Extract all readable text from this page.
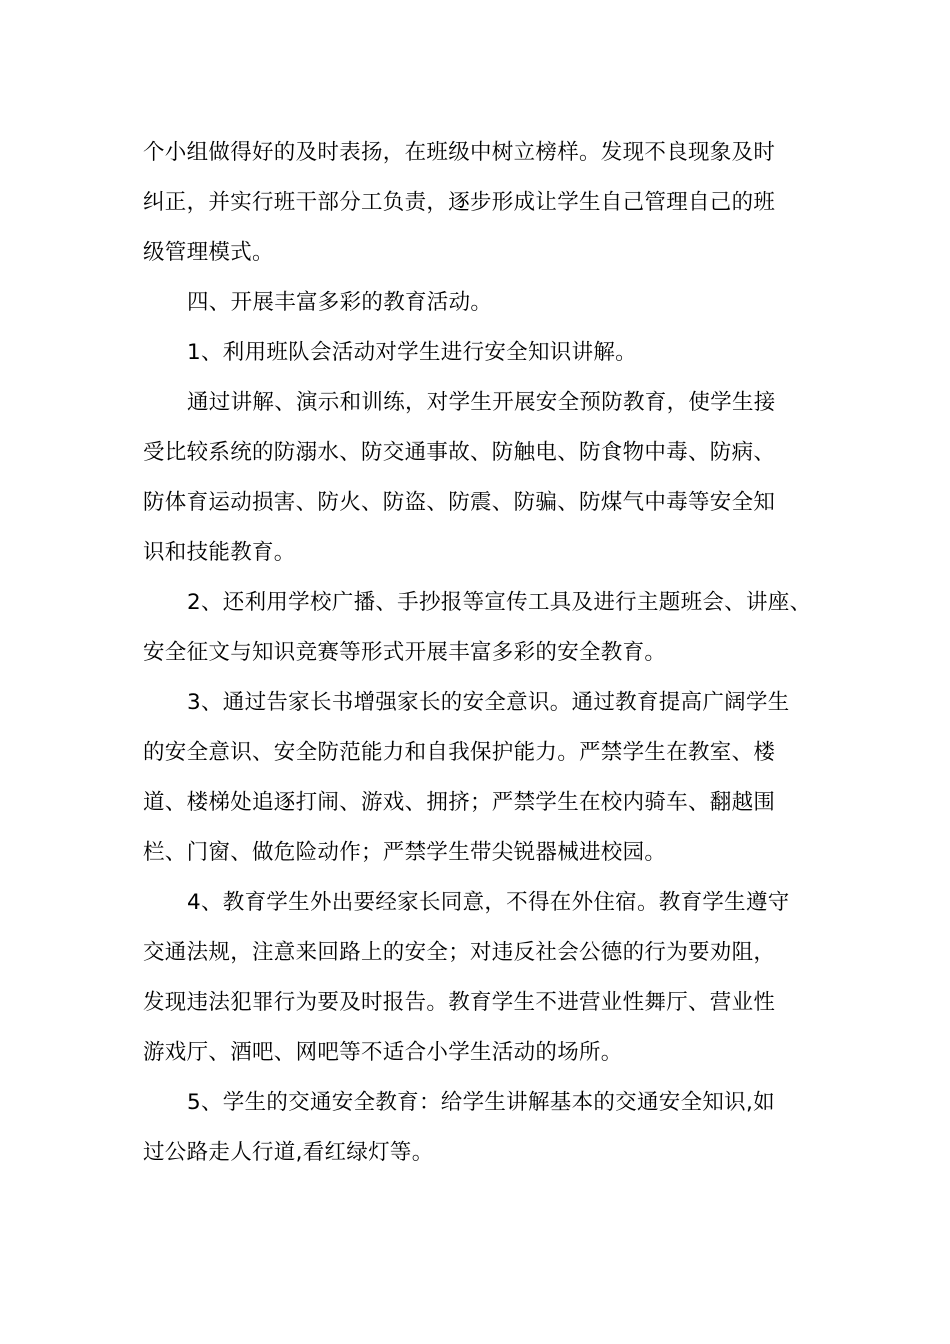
个小组做得好的及时表扬，在班级中树立榜样。发现不良现象及时
纠正，并实行班干部分工负责，逐步形成让学生自己管理自己的班
级管理模式。

四、开展丰富多彩的教育活动。

1、利用班队会活动对学生进行安全知识讲解。

通过讲解、演示和训练，对学生开展安全预防教育，使学生接
受比较系统的防溺水、防交通事故、防触电、防食物中毒、防病、
防体育运动损害、防火、防盗、防震、防骗、防煤气中毒等安全知
识和技能教育。

2、还利用学校广播、手抄报等宣传工具及进行主题班会、讲座、
安全征文与知识竞赛等形式开展丰富多彩的安全教育。

3、通过告家长书增强家长的安全意识。通过教育提高广阔学生
的安全意识、安全防范能力和自我保护能力。严禁学生在教室、楼
道、楼梯处追逐打闹、游戏、拥挤；严禁学生在校内骑车、翻越围
栏、门窗、做危险动作；严禁学生带尖锐器械进校园。

4、教育学生外出要经家长同意，不得在外住宿。教育学生遵守
交通法规，注意来回路上的安全；对违反社会公德的行为要劝阻，
发现违法犯罪行为要及时报告。教育学生不进营业性舞厅、营业性
游戏厅、酒吧、网吧等不适合小学生活动的场所。

5、学生的交通安全教育：给学生讲解基本的交通安全知识,如
过公路走人行道,看红绿灯等。
